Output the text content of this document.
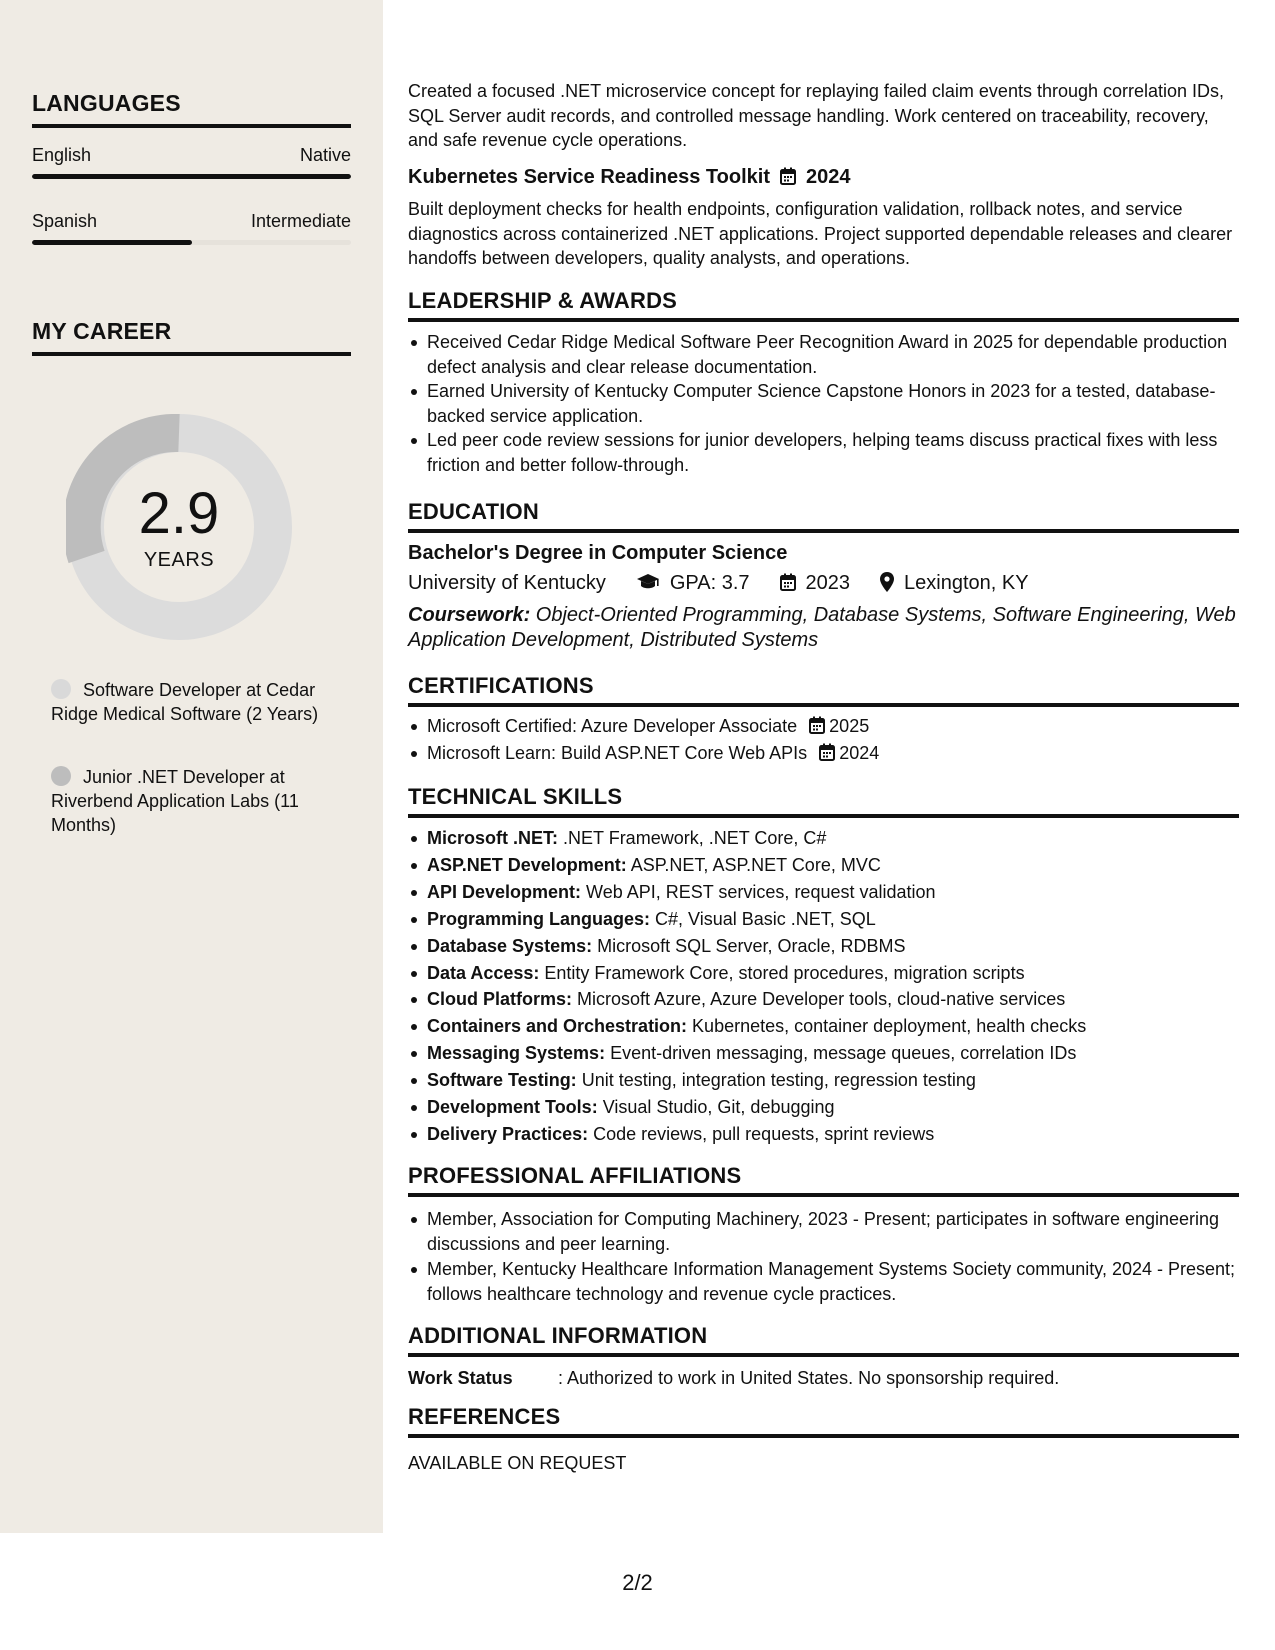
LANGUAGES
English	Native
Spanish	Intermediate
MY CAREER
2.9
YEARS
Software Developer at Cedar Ridge Medical Software (2 Years)
Junior .NET Developer at Riverbend Application Labs (11 Months)
Created a focused .NET microservice concept for replaying failed claim events through correlation IDs, SQL Server audit records, and controlled message handling. Work centered on traceability, recovery, and safe revenue cycle operations.
Kubernetes Service Readiness Toolkit 2024
Built deployment checks for health endpoints, configuration validation, rollback notes, and service diagnostics across containerized .NET applications. Project supported dependable releases and clearer handoffs between developers, quality analysts, and operations.
LEADERSHIP & AWARDS
Received Cedar Ridge Medical Software Peer Recognition Award in 2025 for dependable production defect analysis and clear release documentation.
Earned University of Kentucky Computer Science Capstone Honors in 2023 for a tested, database-backed service application.
Led peer code review sessions for junior developers, helping teams discuss practical fixes with less friction and better follow-through.
EDUCATION
Bachelor's Degree in Computer Science
University of Kentucky	GPA: 3.7	2023	Lexington, KY
Coursework: Object-Oriented Programming, Database Systems, Software Engineering, Web Application Development, Distributed Systems
CERTIFICATIONS
Microsoft Certified: Azure Developer Associate 2025
Microsoft Learn: Build ASP.NET Core Web APIs 2024
TECHNICAL SKILLS
Microsoft .NET: .NET Framework, .NET Core, C#
ASP.NET Development: ASP.NET, ASP.NET Core, MVC
API Development: Web API, REST services, request validation
Programming Languages: C#, Visual Basic .NET, SQL
Database Systems: Microsoft SQL Server, Oracle, RDBMS
Data Access: Entity Framework Core, stored procedures, migration scripts
Cloud Platforms: Microsoft Azure, Azure Developer tools, cloud-native services
Containers and Orchestration: Kubernetes, container deployment, health checks
Messaging Systems: Event-driven messaging, message queues, correlation IDs
Software Testing: Unit testing, integration testing, regression testing
Development Tools: Visual Studio, Git, debugging
Delivery Practices: Code reviews, pull requests, sprint reviews
PROFESSIONAL AFFILIATIONS
Member, Association for Computing Machinery, 2023 - Present; participates in software engineering discussions and peer learning.
Member, Kentucky Healthcare Information Management Systems Society community, 2024 - Present; follows healthcare technology and revenue cycle practices.
ADDITIONAL INFORMATION
Work Status	: Authorized to work in United States. No sponsorship required.
REFERENCES
AVAILABLE ON REQUEST
2/2
